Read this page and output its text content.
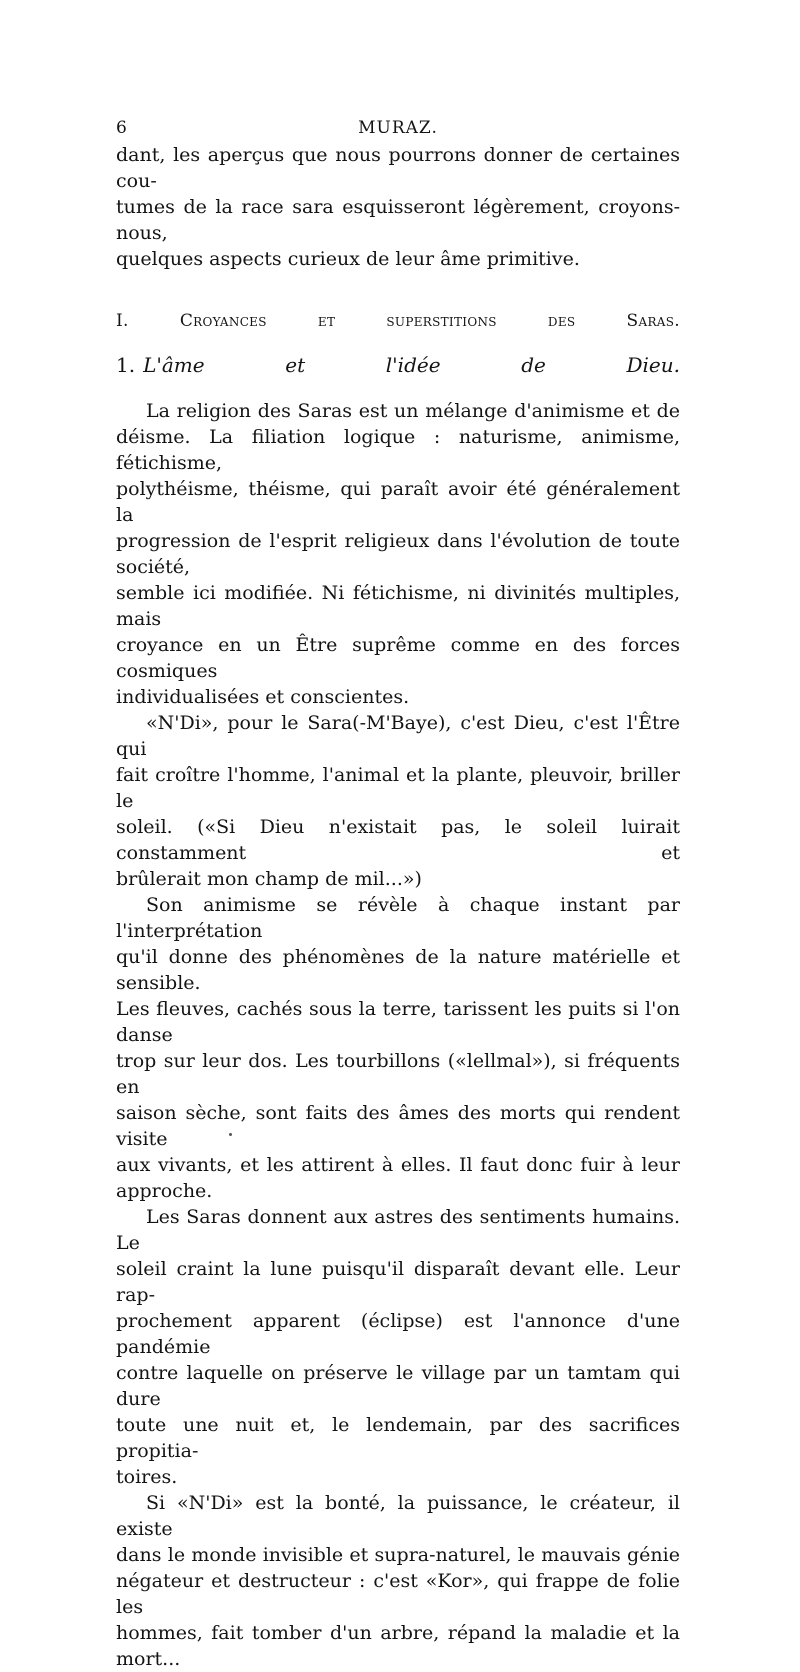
6	MURAZ.

dant, les aperçus que nous pourrons donner de certaines cou-
tumes de la race sara esquisseront légèrement, croyons-nous,

quelques aspects curieux de leur âme primitive.

I. Croyances et superstitions des Saras.
1. L'âme et l'idée de Dieu.

La religion des Saras est un mélange d'animisme et de
déisme. La filiation logique : naturisme, animisme, fétichisme,
polythéisme, théisme, qui paraît avoir été généralement la
progression de l'esprit religieux dans l'évolution de toute société,
semble ici modifiée. Ni fétichisme, ni divinités multiples, mais
croyance en un Être suprême comme en des forces cosmiques

individualisées et conscientes.

«N'Di», pour le Sara(-M'Baye), c'est Dieu, c'est l'Être qui
fait croître l'homme, l'animal et la plante, pleuvoir, briller le
soleil. («Si Dieu n'existait pas, le soleil luirait constamment et

brûlerait mon champ de mil...»)

Son animisme se révèle à chaque instant par l'interprétation
qu'il donne des phénomènes de la nature matérielle et sensible.
Les fleuves, cachés sous la terre, tarissent les puits si l'on danse
trop sur leur dos. Les tourbillons («lellmal»), si fréquents en
saison sèche, sont faits des âmes des morts qui rendent visite
aux vivants, et les attirent à elles. Il faut donc fuir à leur

approche.

Les Saras donnent aux astres des sentiments humains. Le
soleil craint la lune puisqu'il disparaît devant elle. Leur rap-
prochement apparent (éclipse) est l'annonce d'une pandémie
contre laquelle on préserve le village par un tamtam qui dure
toute une nuit et, le lendemain, par des sacrifices propitia-

toires.

Si «N'Di» est la bonté, la puissance, le créateur, il existe
dans le monde invisible et supra-naturel, le mauvais génie
négateur et destructeur : c'est «Kor», qui frappe de folie les
hommes, fait tomber d'un arbre, répand la maladie et la

mort...
